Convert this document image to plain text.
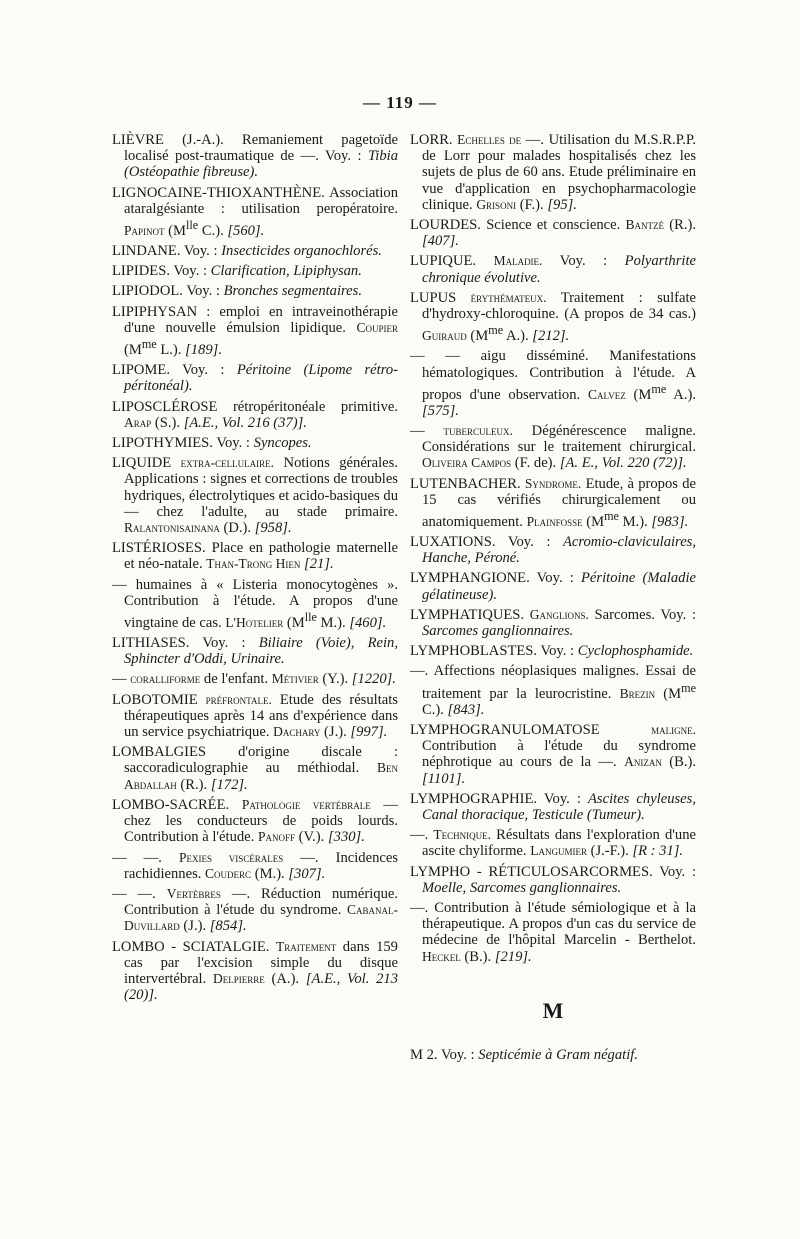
— 119 —

LIÈVRE (J.-A.). Remaniement pagetoïde localisé post-traumatique de —. Voy. : Tibia (Ostéopathie fibreuse).

LIGNOCAINE-THIOXANTHÈNE. Association ataralgésiante : utilisation peropératoire. Papinot ($M^{lle}$ C.). [560].

LINDANE. Voy. : Insecticides organochlorés.

LIPIDES. Voy. : Clarification, Lipiphysan.

LIPIODOL. Voy. : Bronches segmentaires.

LIPIPHYSAN : emploi en intraveinothérapie d'une nouvelle émulsion lipidique. Coupier ($M^{me}$ L.). [189].

LIPOME. Voy. : Péritoine (Lipome rétro-péritonéal).

LIPOSCLÉROSE rétropéritonéale primitive. Arap (S.). [A.E., Vol. 216 (37)].

LIPOTHYMIES. Voy. : Syncopes.

LIQUIDE extra-cellulaire. Notions générales. Applications : signes et corrections de troubles hydriques, électrolytiques et acido-basiques du — chez l'adulte, au stade primaire. Ralantonisainana (D.). [958].

LISTÉRIOSES. Place en pathologie maternelle et néo-natale. Than-Trong Hien [21].

— humaines à « Listeria monocytogènes ». Contribution à l'étude. A propos d'une vingtaine de cas. L'Hotelier ($M^{lle}$ M.). [460].

LITHIASES. Voy. : Biliaire (Voie), Rein, Sphincter d'Oddi, Urinaire.

— coralliforme de l'enfant. Métivier (Y.). [1220].

LOBOTOMIE préfrontale. Etude des résultats thérapeutiques après 14 ans d'expérience dans un service psychiatrique. Dachary (J.). [997].

LOMBALGIES d'origine discale : saccoradiculographie au méthiodal. Ben Abdallah (R.). [172].

LOMBO-SACRÉE. Pathologie vertébrale — chez les conducteurs de poids lourds. Contribution à l'étude. Panoff (V.). [330].

— —. Pexies viscérales —. Incidences rachidiennes. Couderc (M.). [307].

— —. Vertèbres —. Réduction numérique. Contribution à l'étude du syndrome. Cabanal-Duvillard (J.). [854].

LOMBO - SCIATALGIE. Traitement dans 159 cas par l'excision simple du disque intervertébral. Delpierre (A.). [A.E., Vol. 213 (20)].

LORR. Echelles de —. Utilisation du M.S.R.P.P. de Lorr pour malades hospitalisés chez les sujets de plus de 60 ans. Etude préliminaire en vue d'application en psychopharmacologie clinique. Grisoni (F.). [95].

LOURDES. Science et conscience. Bantzé (R.). [407].

LUPIQUE. Maladie. Voy. : Polyarthrite chronique évolutive.

LUPUS érythémateux. Traitement : sulfate d'hydroxy-chloroquine. (A propos de 34 cas.) Guiraud ($M^{me}$ A.). [212].

— — aigu disséminé. Manifestations hématologiques. Contribution à l'étude. A propos d'une observation. Calvez ($M^{me}$ A.). [575].

— tuberculeux. Dégénérescence maligne. Considérations sur le traitement chirurgical. Oliveira Campos (F. de). [A. E., Vol. 220 (72)].

LUTENBACHER. Syndrome. Etude, à propos de 15 cas vérifiés chirurgicalement ou anatomiquement. Plainfosse ($M^{me}$ M.). [983].

LUXATIONS. Voy. : Acromio-claviculaires, Hanche, Péroné.

LYMPHANGIONE. Voy. : Péritoine (Maladie gélatineuse).

LYMPHATIQUES. Ganglions. Sarcomes. Voy. : Sarcomes ganglionnaires.

LYMPHOBLASTES. Voy. : Cyclophosphamide.

—. Affections néoplasiques malignes. Essai de traitement par la leurocristine. Brezin ($M^{me}$ C.). [843].

LYMPHOGRANULOMATOSE maligne. Contribution à l'étude du syndrome néphrotique au cours de la —. Anizan (B.). [1101].

LYMPHOGRAPHIE. Voy. : Ascites chyleuses, Canal thoracique, Testicule (Tumeur).

—. Technique. Résultats dans l'exploration d'une ascite chyliforme. Langumier (J.-F.). [R : 31].

LYMPHO - RÉTICULOSARCORMES. Voy. : Moelle, Sarcomes ganglionnaires.

—. Contribution à l'étude sémiologique et à la thérapeutique. A propos d'un cas du service de médecine de l'hôpital Marcelin - Berthelot. Heckel (B.). [219].

M

M 2. Voy. : Septicémie à Gram négatif.
